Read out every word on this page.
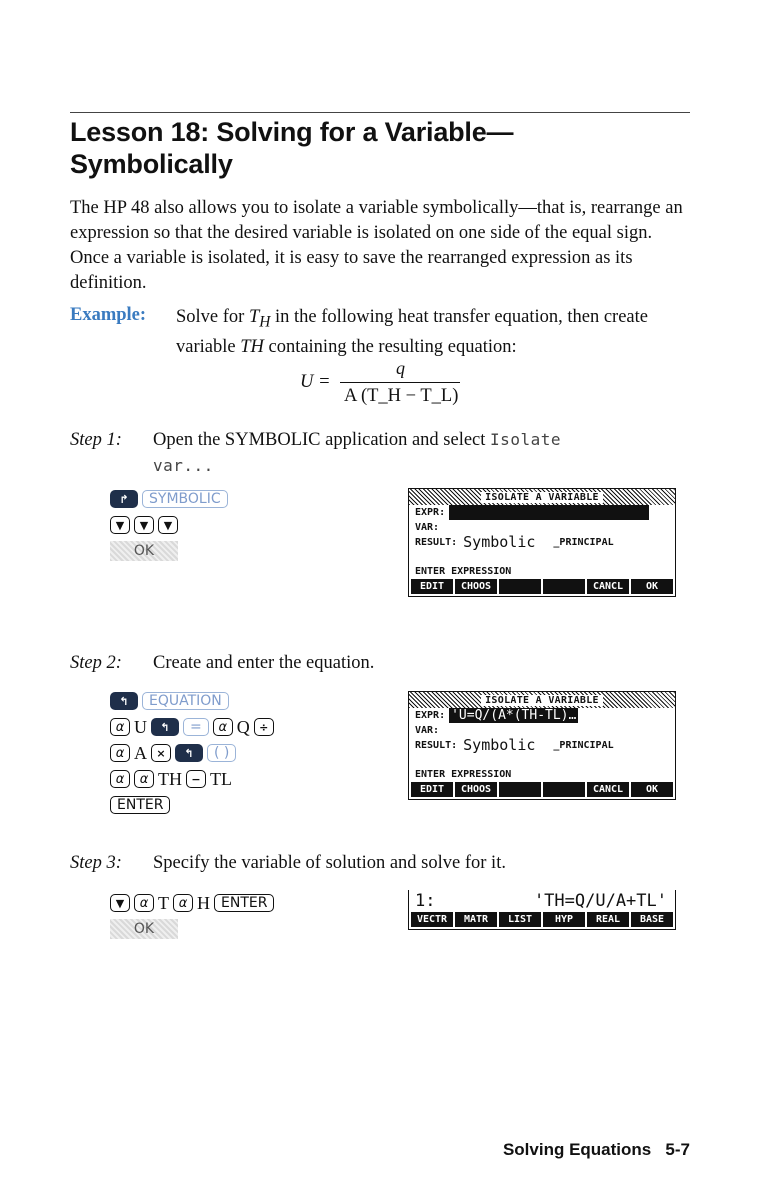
Lesson 18: Solving for a Variable—
Symbolically

The HP 48 also allows you to isolate a variable symbolically—that is, rearrange an expression so that the desired variable is isolated on one side of the equal sign. Once a variable is isolated, it is easy to save the rearranged expression as its definition.

Example: Solve for $T_H$ in the following heat transfer equation, then create variable TH containing the resulting equation:

U =
q
A (T_H − T_L)
Step 1: Open the SYMBOLIC application and select Isolate
var...
↱	SYMBOLIC
▼	▼	▼
OK
ISOLATE A VARIABLE
EXPR:

VAR:
RESULT: Symbolic _PRINCIPAL
ENTER EXPRESSION
EDIT	CHOOS	CANCL	OK
Step 2: Create and enter the equation.
↰	EQUATION
α U	↰	=	α Q ÷
α A ×	↰	( )
α	α TH − TL
ENTER
ISOLATE A VARIABLE
EXPR: 'U=Q/(A*(TH-TL)…
VAR:
RESULT: Symbolic _PRINCIPAL
ENTER EXPRESSION
EDIT	CHOOS	CANCL	OK
Step 3: Specify the variable of solution and solve for it.
▼	α T α H ENTER
OK
1:	'TH=Q/U/A+TL'
VECTR	MATR	LIST	HYP	REAL	BASE
Solving Equations 5-7
